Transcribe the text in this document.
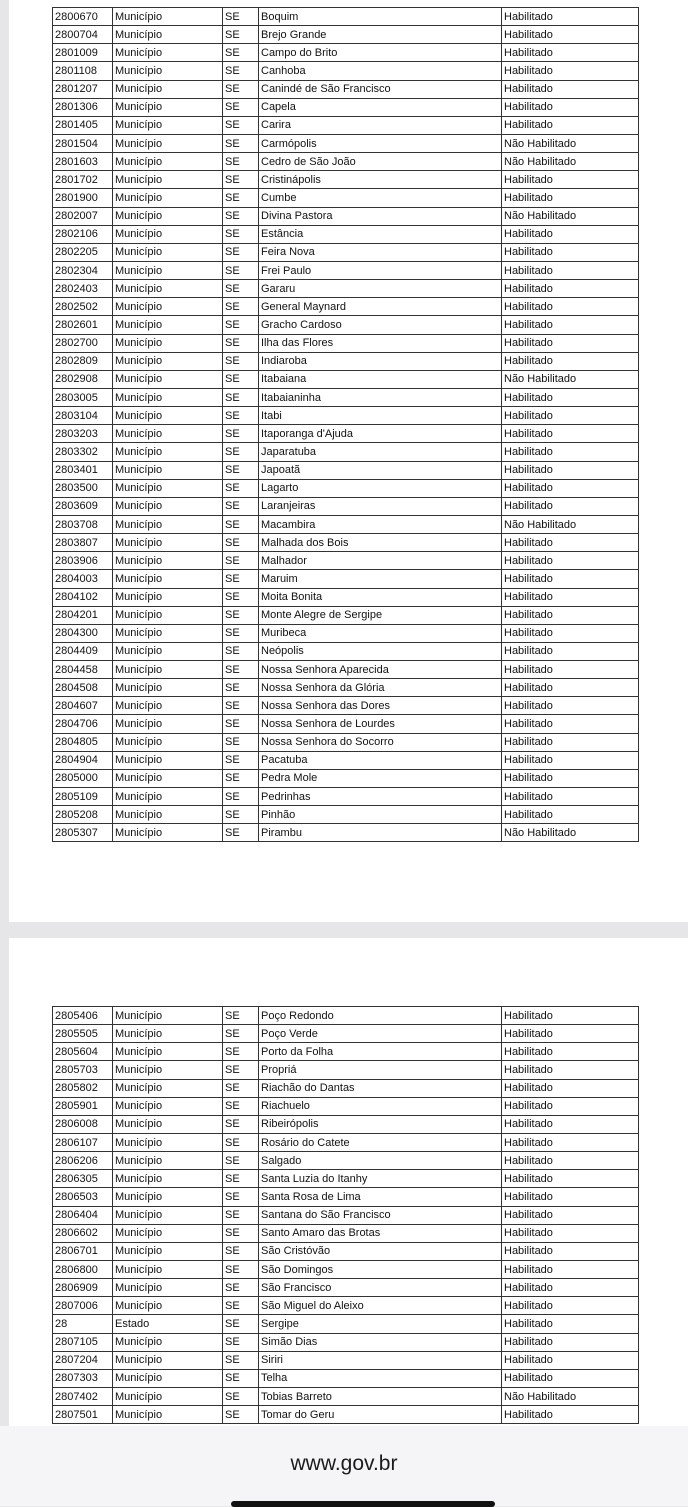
2800670	Município	SE	Boquim	Habilitado
2800704	Município	SE	Brejo Grande	Habilitado
2801009	Município	SE	Campo do Brito	Habilitado
2801108	Município	SE	Canhoba	Habilitado
2801207	Município	SE	Canindé de São Francisco	Habilitado
2801306	Município	SE	Capela	Habilitado
2801405	Município	SE	Carira	Habilitado
2801504	Município	SE	Carmópolis	Não Habilitado
2801603	Município	SE	Cedro de São João	Não Habilitado
2801702	Município	SE	Cristinápolis	Habilitado
2801900	Município	SE	Cumbe	Habilitado
2802007	Município	SE	Divina Pastora	Não Habilitado
2802106	Município	SE	Estância	Habilitado
2802205	Município	SE	Feira Nova	Habilitado
2802304	Município	SE	Frei Paulo	Habilitado
2802403	Município	SE	Gararu	Habilitado
2802502	Município	SE	General Maynard	Habilitado
2802601	Município	SE	Gracho Cardoso	Habilitado
2802700	Município	SE	Ilha das Flores	Habilitado
2802809	Município	SE	Indiaroba	Habilitado
2802908	Município	SE	Itabaiana	Não Habilitado
2803005	Município	SE	Itabaianinha	Habilitado
2803104	Município	SE	Itabi	Habilitado
2803203	Município	SE	Itaporanga d'Ajuda	Habilitado
2803302	Município	SE	Japaratuba	Habilitado
2803401	Município	SE	Japoatã	Habilitado
2803500	Município	SE	Lagarto	Habilitado
2803609	Município	SE	Laranjeiras	Habilitado
2803708	Município	SE	Macambira	Não Habilitado
2803807	Município	SE	Malhada dos Bois	Habilitado
2803906	Município	SE	Malhador	Habilitado
2804003	Município	SE	Maruim	Habilitado
2804102	Município	SE	Moita Bonita	Habilitado
2804201	Município	SE	Monte Alegre de Sergipe	Habilitado
2804300	Município	SE	Muribeca	Habilitado
2804409	Município	SE	Neópolis	Habilitado
2804458	Município	SE	Nossa Senhora Aparecida	Habilitado
2804508	Município	SE	Nossa Senhora da Glória	Habilitado
2804607	Município	SE	Nossa Senhora das Dores	Habilitado
2804706	Município	SE	Nossa Senhora de Lourdes	Habilitado
2804805	Município	SE	Nossa Senhora do Socorro	Habilitado
2804904	Município	SE	Pacatuba	Habilitado
2805000	Município	SE	Pedra Mole	Habilitado
2805109	Município	SE	Pedrinhas	Habilitado
2805208	Município	SE	Pinhão	Habilitado
2805307	Município	SE	Pirambu	Não Habilitado
2805406	Município	SE	Poço Redondo	Habilitado
2805505	Município	SE	Poço Verde	Habilitado
2805604	Município	SE	Porto da Folha	Habilitado
2805703	Município	SE	Propriá	Habilitado
2805802	Município	SE	Riachão do Dantas	Habilitado
2805901	Município	SE	Riachuelo	Habilitado
2806008	Município	SE	Ribeirópolis	Habilitado
2806107	Município	SE	Rosário do Catete	Habilitado
2806206	Município	SE	Salgado	Habilitado
2806305	Município	SE	Santa Luzia do Itanhy	Habilitado
2806503	Município	SE	Santa Rosa de Lima	Habilitado
2806404	Município	SE	Santana do São Francisco	Habilitado
2806602	Município	SE	Santo Amaro das Brotas	Habilitado
2806701	Município	SE	São Cristóvão	Habilitado
2806800	Município	SE	São Domingos	Habilitado
2806909	Município	SE	São Francisco	Habilitado
2807006	Município	SE	São Miguel do Aleixo	Habilitado
28	Estado	SE	Sergipe	Habilitado
2807105	Município	SE	Simão Dias	Habilitado
2807204	Município	SE	Siriri	Habilitado
2807303	Município	SE	Telha	Habilitado
2807402	Município	SE	Tobias Barreto	Não Habilitado
2807501	Município	SE	Tomar do Geru	Habilitado
www.gov.br
